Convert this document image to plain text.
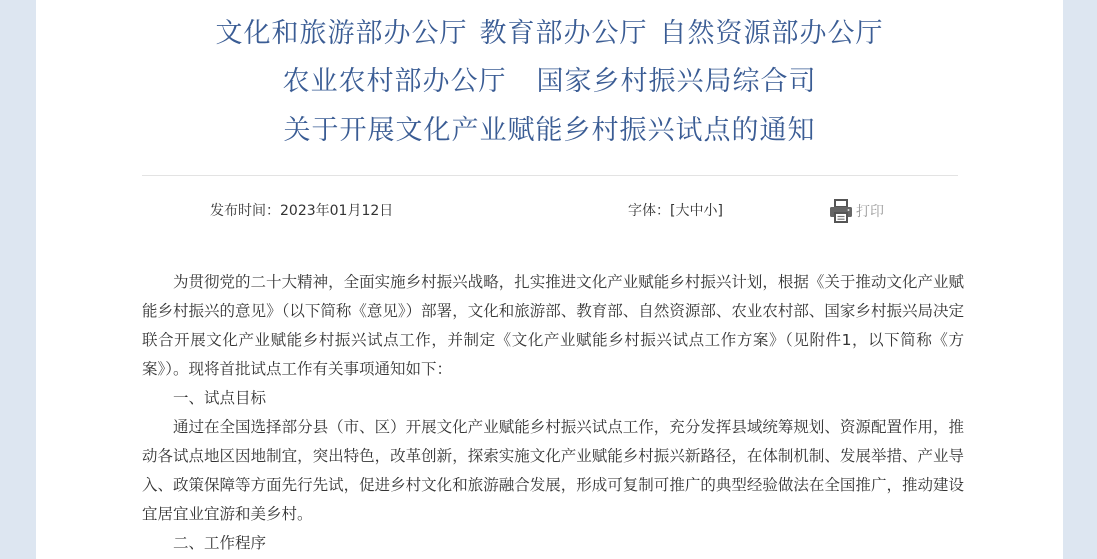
文化和旅游部办公厅 教育部办公厅 自然资源部办公厅
农业农村部办公厅 国家乡村振兴局综合司
关于开展文化产业赋能乡村振兴试点的通知
发布时间：2023年01月12日	字体：[大中小]	打印

为贯彻党的二十大精神，全面实施乡村振兴战略，扎实推进文化产业赋能乡村振兴计划，根据《关于推动文化产业赋能乡村振兴的意见》（以下简称《意见》）部署，文化和旅游部、教育部、自然资源部、农业农村部、国家乡村振兴局决定联合开展文化产业赋能乡村振兴试点工作，并制定《文化产业赋能乡村振兴试点工作方案》（见附件1，以下简称《方案》）。现将首批试点工作有关事项通知如下：

一、试点目标

通过在全国选择部分县（市、区）开展文化产业赋能乡村振兴试点工作，充分发挥县域统筹规划、资源配置作用，推动各试点地区因地制宜，突出特色，改革创新，探索实施文化产业赋能乡村振兴新路径，在体制机制、发展举措、产业导入、政策保障等方面先行先试，促进乡村文化和旅游融合发展，形成可复制可推广的典型经验做法在全国推广，推动建设宜居宜业宜游和美乡村。

二、工作程序
